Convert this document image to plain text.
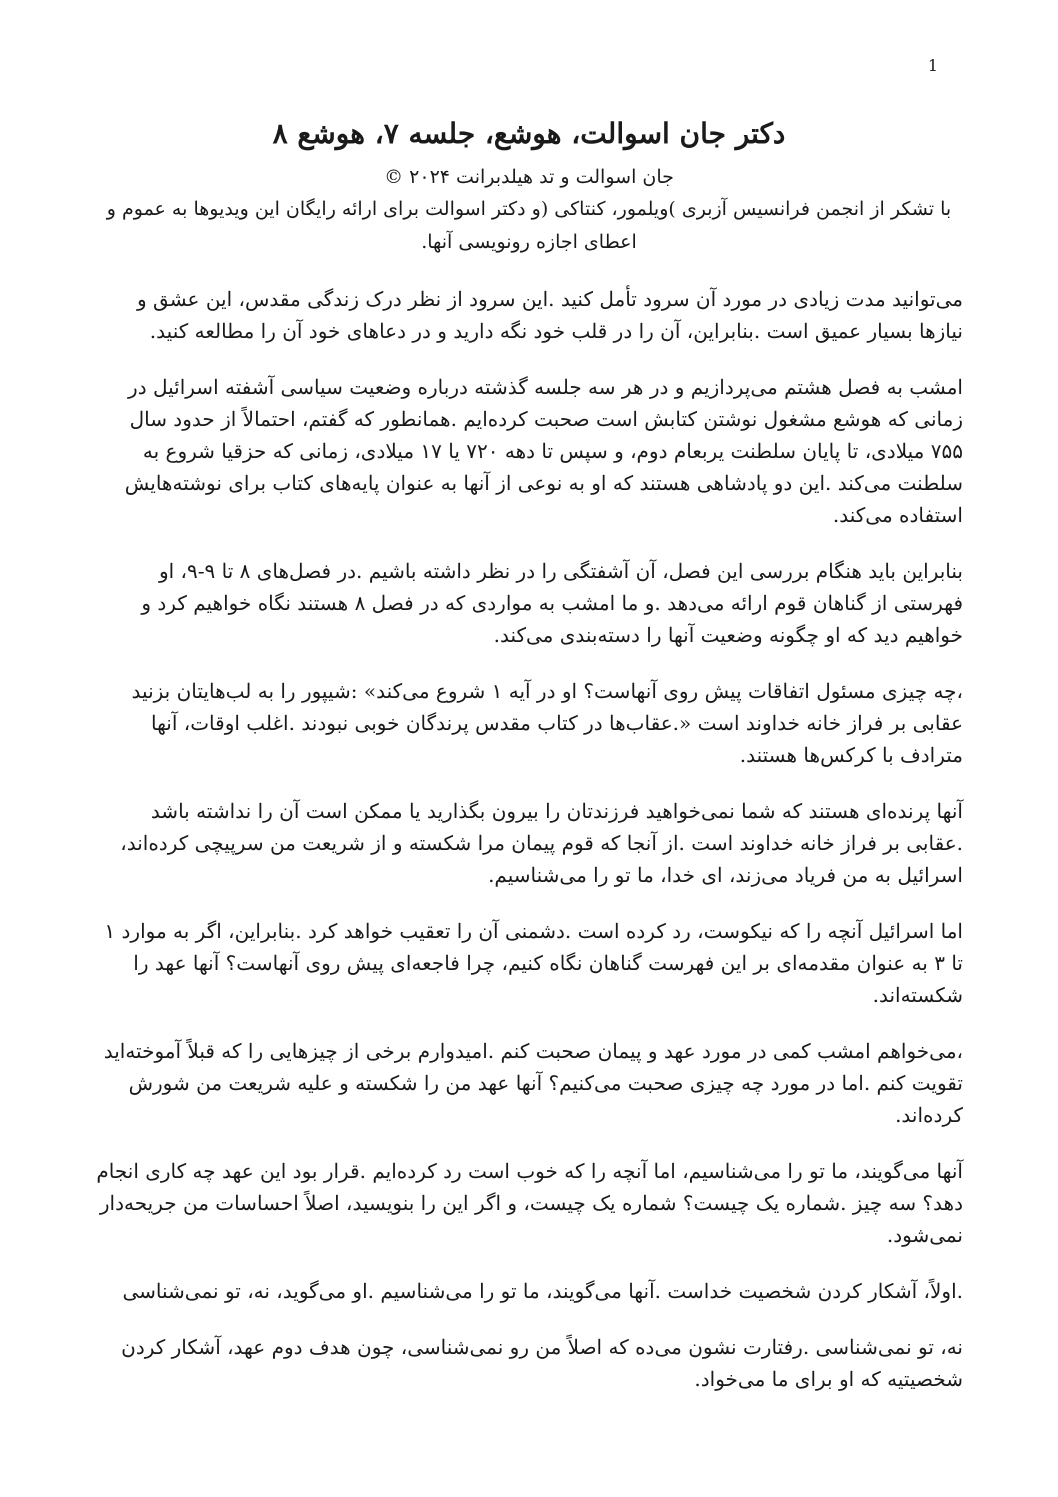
1
دکتر جان اسوالت، هوشع، جلسه ۷، هوشع ۸

جان اسوالت و تد هیلدبرانت ۲۰۲۴ ©

با تشکر از انجمن فرانسیس آزبری )ویلمور، کنتاکی (و دکتر اسوالت برای ارائه رایگان این ویدیوها به عموم و اعطای اجازه رونویسی آنها.

می‌توانید مدت زیادی در مورد آن سرود تأمل کنید .این سرود از نظر درک زندگی مقدس، این عشق و نیازها بسیار عمیق است .بنابراین، آن را در قلب خود نگه دارید و در دعاهای خود آن را مطالعه کنید.

امشب به فصل هشتم می‌پردازیم و در هر سه جلسه گذشته درباره وضعیت سیاسی آشفته اسرائیل در زمانی که هوشع مشغول نوشتن کتابش است صحبت کرده‌ایم .همانطور که گفتم، احتمالاً از حدود سال ۷۵۵ میلادی، تا پایان سلطنت یربعام دوم، و سپس تا دهه ۷۲۰ یا ۱۷ میلادی، زمانی که حزقیا شروع به سلطنت می‌کند .این دو پادشاهی هستند که او به نوعی از آنها به عنوان پایه‌های کتاب برای نوشته‌هایش استفاده می‌کند.

بنابراین باید هنگام بررسی این فصل، آن آشفتگی را در نظر داشته باشیم .در فصل‌های ۸ تا ۹-۹، او فهرستی از گناهان قوم ارائه می‌دهد .و ما امشب به مواردی که در فصل ۸ هستند نگاه خواهیم کرد و خواهیم دید که او چگونه وضعیت آنها را دسته‌بندی می‌کند.

،چه چیزی مسئول اتفاقات پیش روی آنهاست؟ او در آیه ۱ شروع می‌کند» :شیپور را به لب‌هایتان بزنید عقابی بر فراز خانه خداوند است «.عقاب‌ها در کتاب مقدس پرندگان خوبی نبودند .اغلب اوقات، آنها مترادف با کرکس‌ها هستند.

آنها پرنده‌ای هستند که شما نمی‌خواهید فرزندتان را بیرون بگذارید یا ممکن است آن را نداشته باشد .عقابی بر فراز خانه خداوند است .از آنجا که قوم پیمان مرا شکسته و از شریعت من سرپیچی کرده‌اند، اسرائیل به من فریاد می‌زند، ای خدا، ما تو را می‌شناسیم.

اما اسرائیل آنچه را که نیکوست، رد کرده است .دشمنی آن را تعقیب خواهد کرد .بنابراین، اگر به موارد ۱ تا ۳ به عنوان مقدمه‌ای بر این فهرست گناهان نگاه کنیم، چرا فاجعه‌ای پیش روی آنهاست؟ آنها عهد را شکسته‌اند.

،می‌خواهم امشب کمی در مورد عهد و پیمان صحبت کنم .امیدوارم برخی از چیزهایی را که قبلاً آموخته‌اید تقویت کنم .اما در مورد چه چیزی صحبت می‌کنیم؟ آنها عهد من را شکسته و علیه شریعت من شورش کرده‌اند.

آنها می‌گویند، ما تو را می‌شناسیم، اما آنچه را که خوب است رد کرده‌ایم .قرار بود این عهد چه کاری انجام دهد؟ سه چیز .شماره یک چیست؟ شماره یک چیست، و اگر این را بنویسید، اصلاً احساسات من جریحه‌دار نمی‌شود.

.اولاً، آشکار کردن شخصیت خداست .آنها می‌گویند، ما تو را می‌شناسیم .او می‌گوید، نه، تو نمی‌شناسی

نه، تو نمی‌شناسی .رفتارت نشون می‌ده که اصلاً من رو نمی‌شناسی، چون هدف دوم عهد، آشکار کردن شخصیتیه که او برای ما می‌خواد.
